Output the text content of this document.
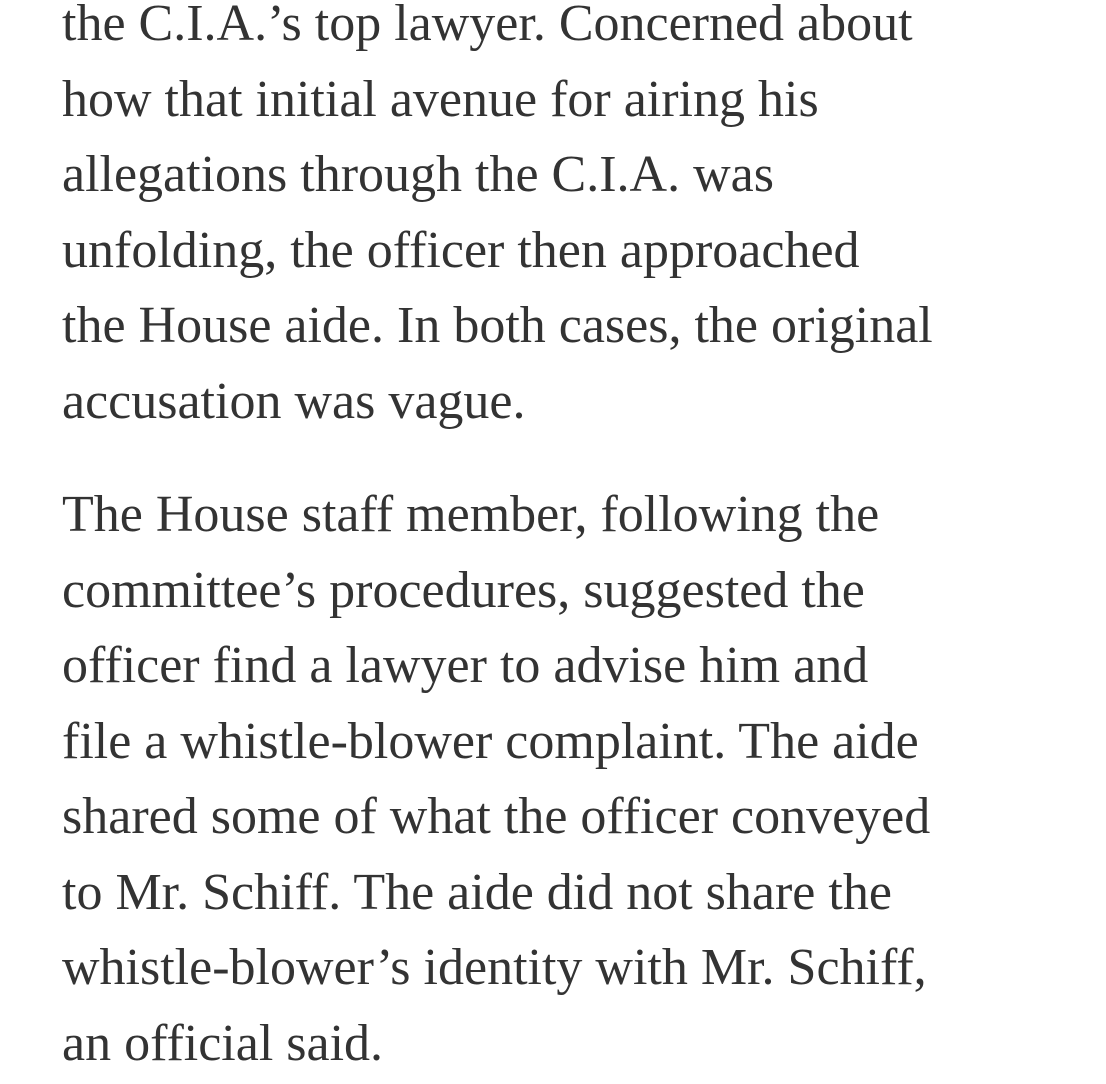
the C.I.A.’s top lawyer. Concerned about
how that initial avenue for airing his
allegations through the C.I.A. was
unfolding, the officer then approached
the House aide. In both cases, the original
accusation was vague.

The House staff member, following the
committee’s procedures, suggested the
officer find a lawyer to advise him and
file a whistle-blower complaint. The aide
shared some of what the officer conveyed
to Mr. Schiff. The aide did not share the
whistle-blower’s identity with Mr. Schiff,
an official said.
